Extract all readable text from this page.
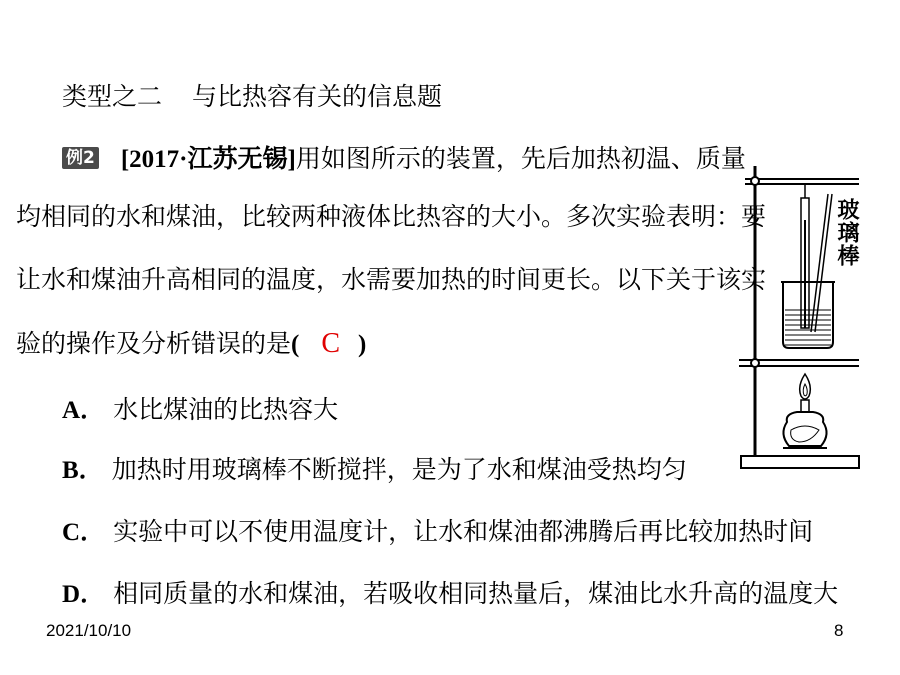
类型之二 与比热容有关的信息题
例2 [2017·江苏无锡]用如图所示的装置，先后加热初温、质量
均相同的水和煤油，比较两种液体比热容的大小。多次实验表明：要
让水和煤油升高相同的温度，水需要加热的时间更长。以下关于该实
验的操作及分析错误的是( C )
A． 水比煤油的比热容大
B． 加热时用玻璃棒不断搅拌，是为了水和煤油受热均匀
C． 实验中可以不使用温度计，让水和煤油都沸腾后再比较加热时间
D． 相同质量的水和煤油，若吸收相同热量后，煤油比水升高的温度大
玻璃棒
2021/10/10	8
